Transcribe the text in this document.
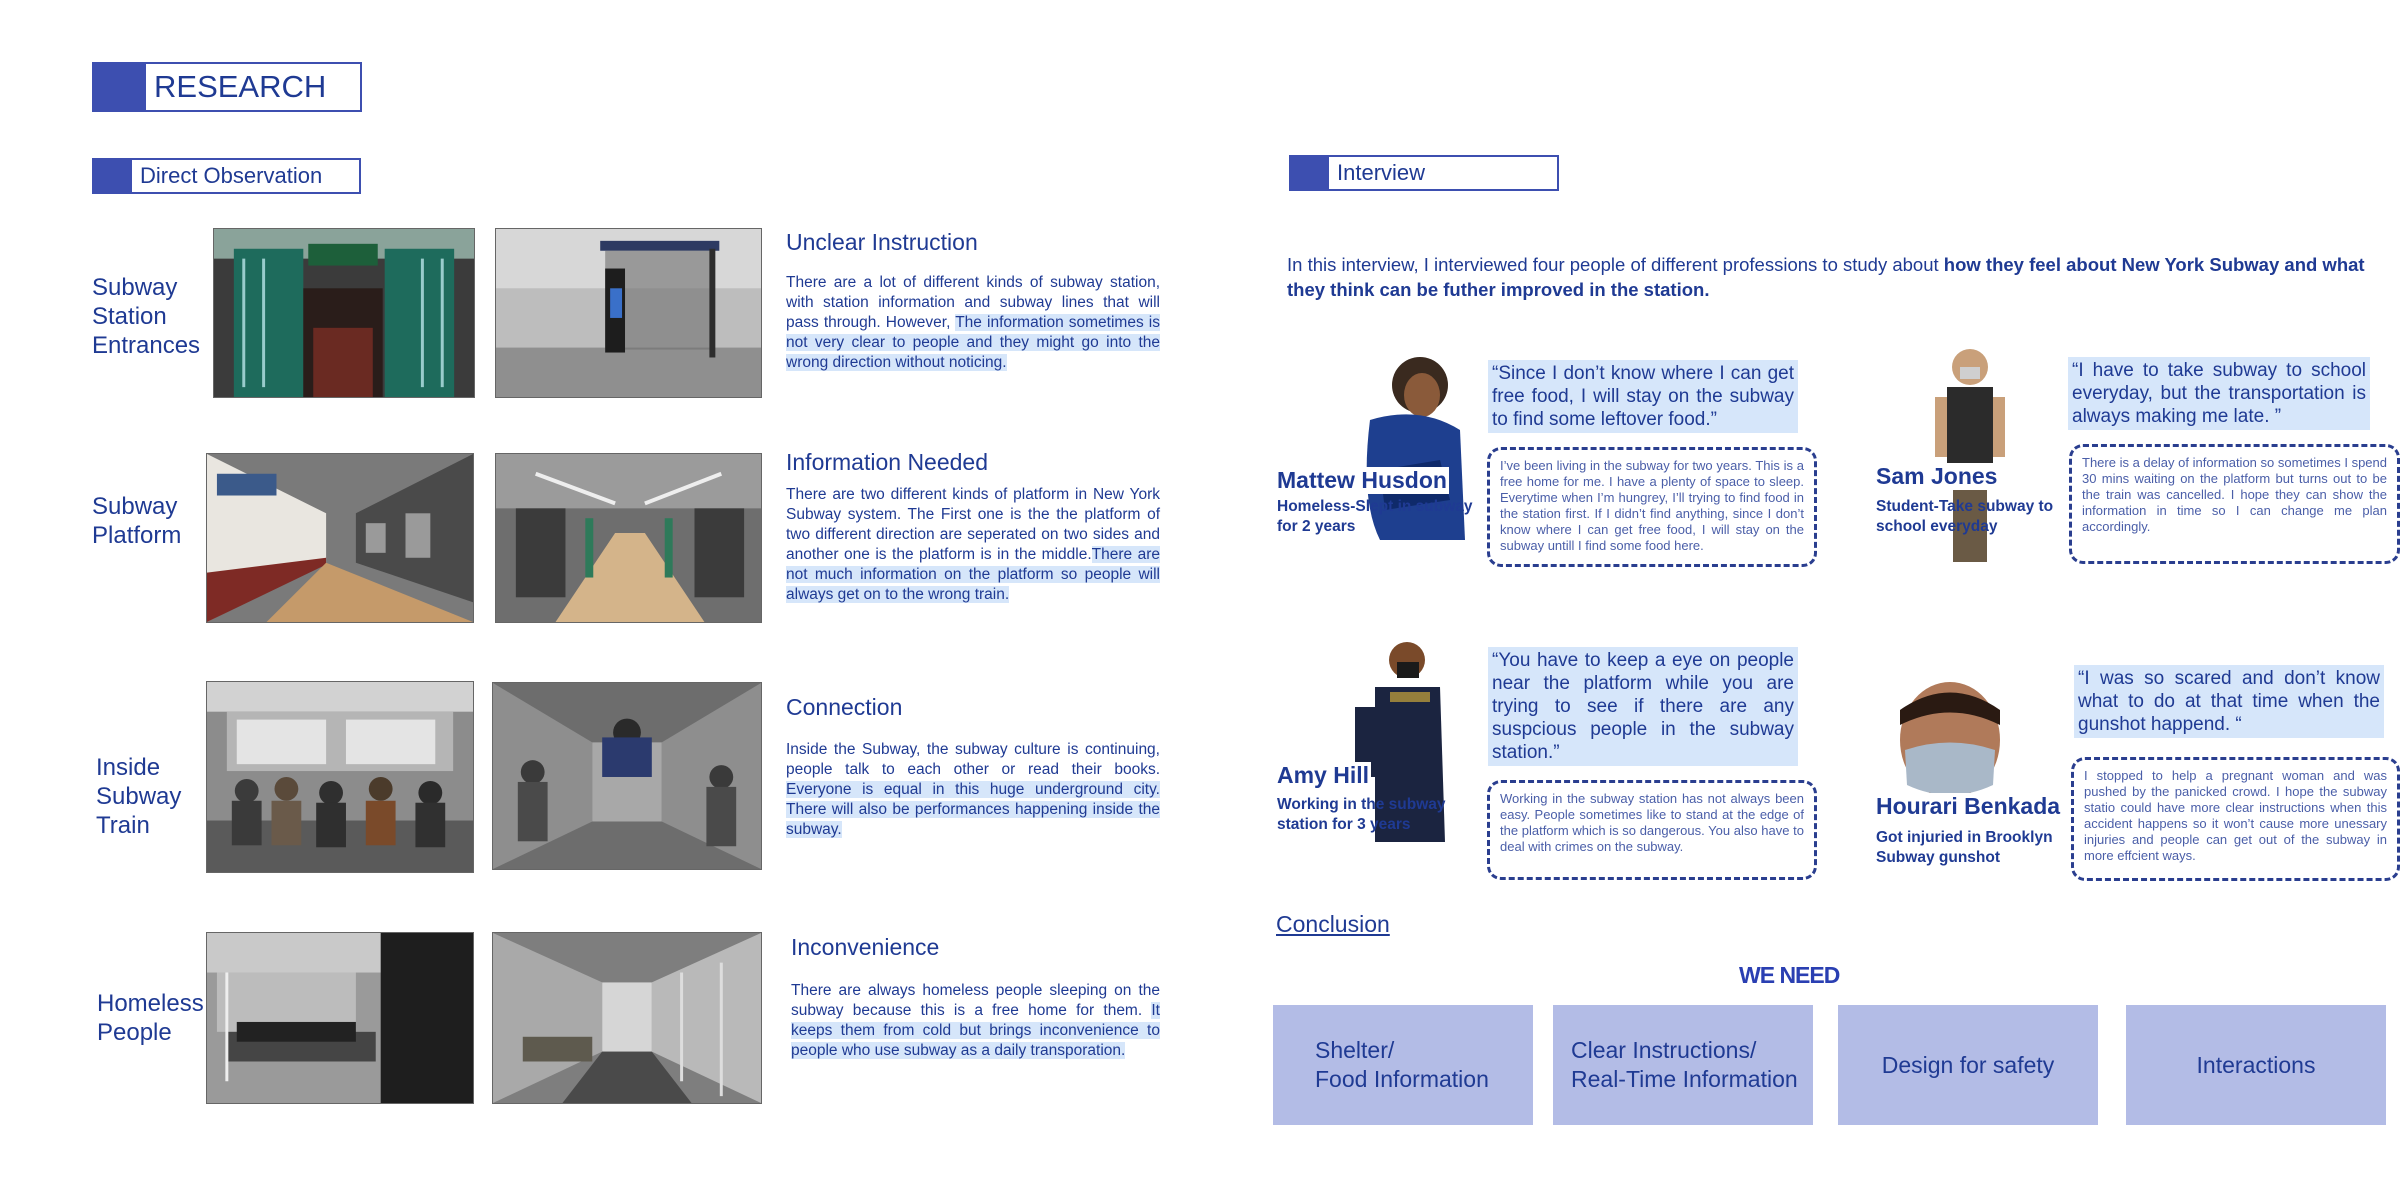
RESEARCH
Direct Observation
Subway Station Entrances
Unclear Instruction
There are a lot of different kinds of subway station, with station information and subway lines that will pass through. However, The information sometimes is not very clear to people and they might go into the wrong direction without noticing.
Subway Platform
Information Needed
There are two different kinds of platform in New York Subway system. The First one is the the platform of two different direction are seperated on two sides and another one is the platform is in the middle.There are not much information on the platform so people will always get on to the wrong train.
Inside Subway Train
Connection
Inside the Subway, the subway culture is continuing, people talk to each other or read their books. Everyone is equal in this huge underground city. There will also be performances happening inside the subway.
Homeless People
Inconvenience
There are always homeless people sleeping on the subway because this is a free home for them. It keeps them from cold but brings inconvenience to people who use subway as a daily transporation.
Interview
In this interview, I interviewed four people of different professions to study about how they feel about New York Subway and what they think can be futher improved in the station.
Mattew Husdon
Homeless-Slept in subway for 2 years
“Since I don’t know where I can get free food, I will stay on the subway to find some leftover food.”
I’ve been living in the subway for two years. This is a free home for me. I have a plenty of space to sleep. Everytime when I’m hungrey, I’ll trying to find food in the station first. If I didn’t find anything, since I don’t know where I can get free food, I will stay on the subway untill I find some food here.
Sam Jones
Student-Take subway to school everyday
“I have to take subway to school everyday, but the transportation is always making me late. ”
There is a delay of information so sometimes I spend 30 mins waiting on the platform but turns out to be the train was cancelled. I hope they can show the information in time so I can change me plan accordingly.
Amy Hill
Working in the subway station for 3 years
“You have to keep a eye on people near the platform while you are trying to see if there are any suspcious people in the subway station.”
Working in the subway station has not always been easy. People sometimes like to stand at the edge of the platform which is so dangerous. You also have to deal with crimes on the subway.
Hourari Benkada
Got injuried in Brooklyn Subway gunshot
“I was so scared and don’t know what to do at that time when the gunshot happend. “
I stopped to help a pregnant woman and was pushed by the panicked crowd. I hope the subway statio could have more clear instructions when this accident happens so it won’t cause more unessary injuries and people can get out of the subway in more effcient ways.
Conclusion
WE NEED
Shelter/
Food Information
Clear Instructions/
Real-Time Information
Design for safety	Interactions
